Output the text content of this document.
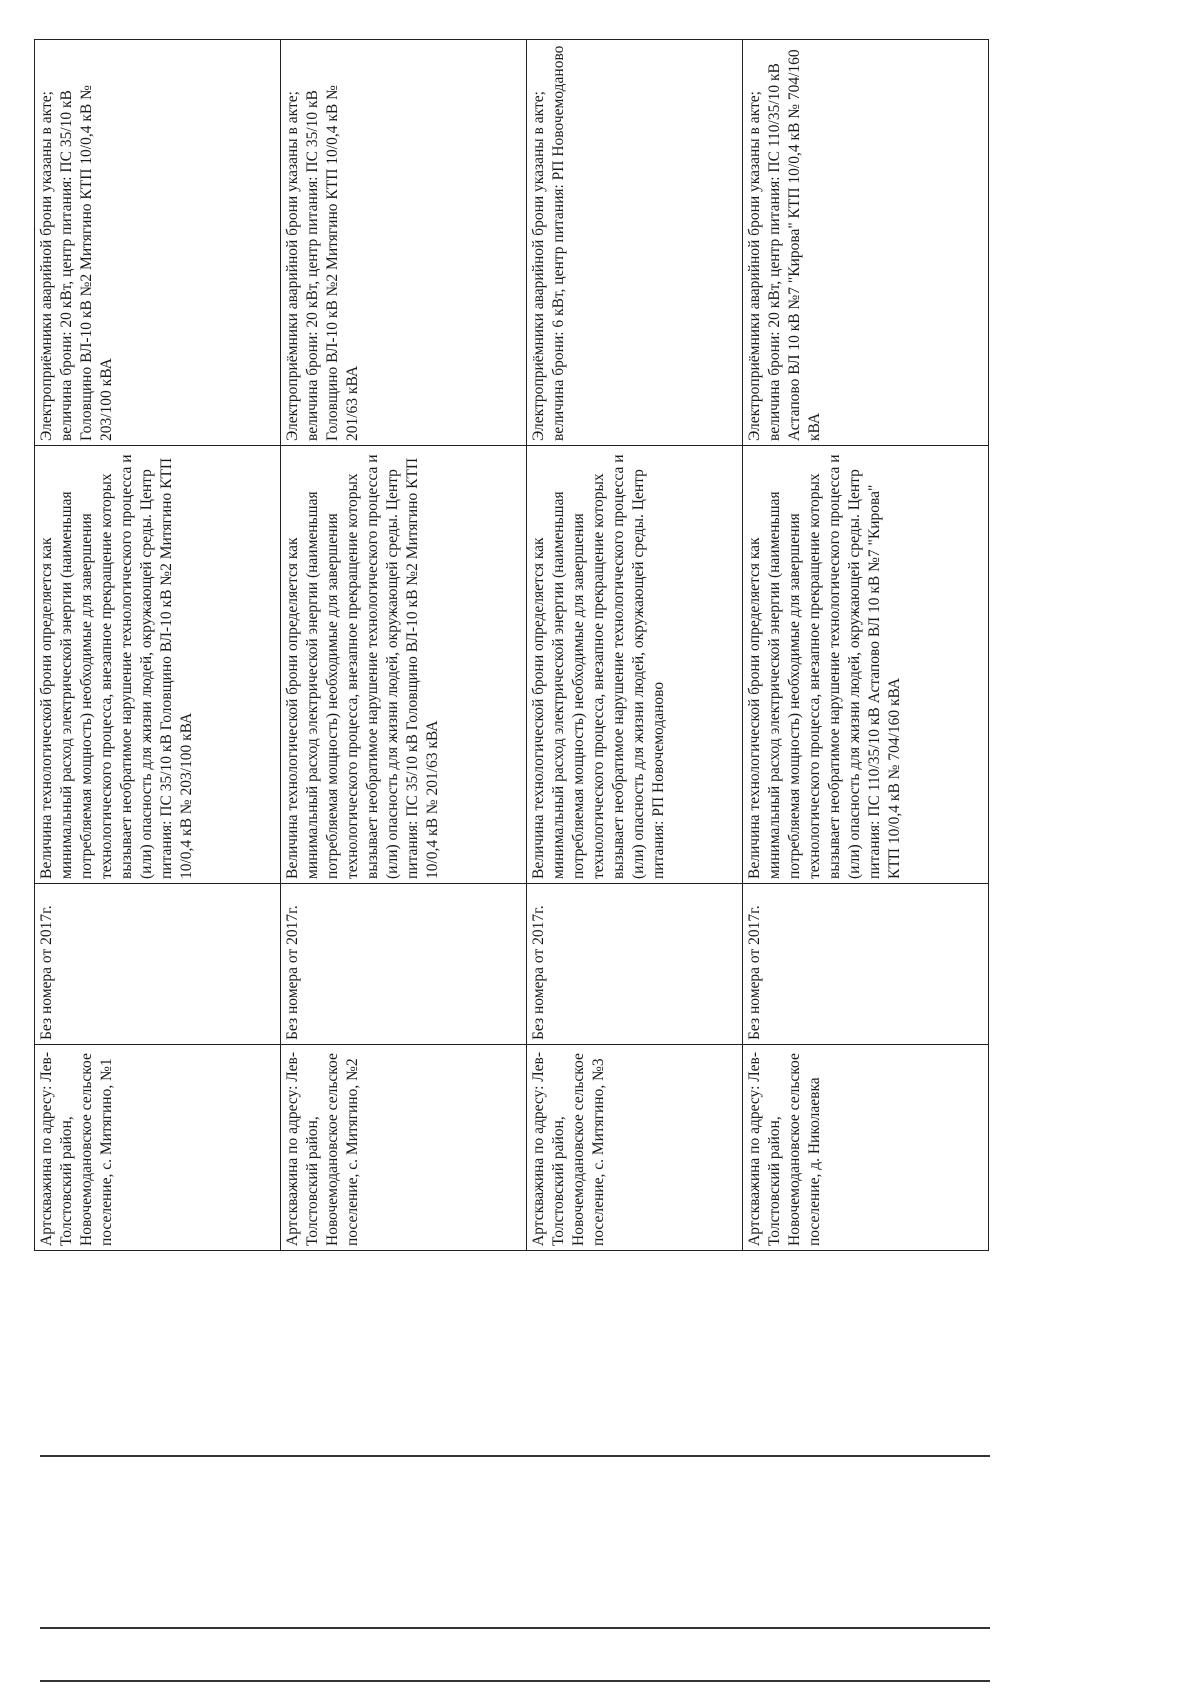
Артскважина по адресу: Лев-Толстовский район, Новочемодановское сельское поселение, с. Митягино, №1	Без номера от 2017г.	Величина технологической брони определяется как минимальный расход электрической энергии (наименьшая потребляемая мощность) необходимые для завершения технологического процесса, внезапное прекращение которых вызывает необратимое нарушение технологического процесса и (или) опасность для жизни людей, окружающей среды. Центр питания: ПС 35/10 кВ Головщино ВЛ-10 кВ №2 Митягино КТП 10/0,4 кВ № 203/100 кВА	Электроприёмники аварийной брони указаны в акте; величина брони: 20 кВт, центр питания: ПС 35/10 кВ Головщино ВЛ-10 кВ №2 Митягино КТП 10/0,4 кВ № 203/100 кВА
Артскважина по адресу: Лев-Толстовский район, Новочемодановское сельское поселение, с. Митягино, №2	Без номера от 2017г.	Величина технологической брони определяется как минимальный расход электрической энергии (наименьшая потребляемая мощность) необходимые для завершения технологического процесса, внезапное прекращение которых вызывает необратимое нарушение технологического процесса и (или) опасность для жизни людей, окружающей среды. Центр питания: ПС 35/10 кВ Головщино ВЛ-10 кВ №2 Митягино КТП 10/0,4 кВ № 201/63 кВА	Электроприёмники аварийной брони указаны в акте; величина брони: 20 кВт, центр питания: ПС 35/10 кВ Головщино ВЛ-10 кВ №2 Митягино КТП 10/0,4 кВ № 201/63 кВА
Артскважина по адресу: Лев-Толстовский район, Новочемодановское сельское поселение, с. Митягино, №3	Без номера от 2017г.	Величина технологической брони определяется как минимальный расход электрической энергии (наименьшая потребляемая мощность) необходимые для завершения технологического процесса, внезапное прекращение которых вызывает необратимое нарушение технологического процесса и (или) опасность для жизни людей, окружающей среды. Центр питания: РП Новочемоданово	Электроприёмники аварийной брони указаны в акте; величина брони: 6 кВт, центр питания: РП Новочемоданово
Артскважина по адресу: Лев-Толстовский район, Новочемодановское сельское поселение, д. Николаевка	Без номера от 2017г.	Величина технологической брони определяется как минимальный расход электрической энергии (наименьшая потребляемая мощность) необходимые для завершения технологического процесса, внезапное прекращение которых вызывает необратимое нарушение технологического процесса и (или) опасность для жизни людей, окружающей среды. Центр питания: ПС 110/35/10 кВ Астапово ВЛ 10 кВ №7 "Кирова" КТП 10/0,4 кВ № 704/160 кВА	Электроприёмники аварийной брони указаны в акте; величина брони: 20 кВт, центр питания: ПС 110/35/10 кВ Астапово ВЛ 10 кВ №7 "Кирова" КТП 10/0,4 кВ № 704/160 кВА
